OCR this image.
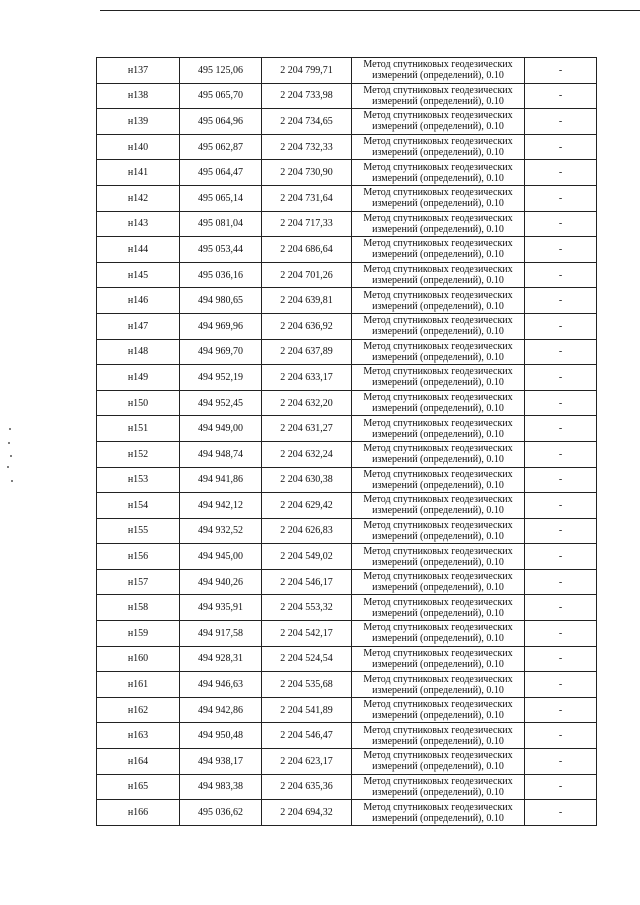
н137	495 125,06	2 204 799,71	Метод спутниковых геодезических
измерений (определений), 0.10	-
н138	495 065,70	2 204 733,98	Метод спутниковых геодезических
измерений (определений), 0.10	-
н139	495 064,96	2 204 734,65	Метод спутниковых геодезических
измерений (определений), 0.10	-
н140	495 062,87	2 204 732,33	Метод спутниковых геодезических
измерений (определений), 0.10	-
н141	495 064,47	2 204 730,90	Метод спутниковых геодезических
измерений (определений), 0.10	-
н142	495 065,14	2 204 731,64	Метод спутниковых геодезических
измерений (определений), 0.10	-
н143	495 081,04	2 204 717,33	Метод спутниковых геодезических
измерений (определений), 0.10	-
н144	495 053,44	2 204 686,64	Метод спутниковых геодезических
измерений (определений), 0.10	-
н145	495 036,16	2 204 701,26	Метод спутниковых геодезических
измерений (определений), 0.10	-
н146	494 980,65	2 204 639,81	Метод спутниковых геодезических
измерений (определений), 0.10	-
н147	494 969,96	2 204 636,92	Метод спутниковых геодезических
измерений (определений), 0.10	-
н148	494 969,70	2 204 637,89	Метод спутниковых геодезических
измерений (определений), 0.10	-
н149	494 952,19	2 204 633,17	Метод спутниковых геодезических
измерений (определений), 0.10	-
н150	494 952,45	2 204 632,20	Метод спутниковых геодезических
измерений (определений), 0.10	-
н151	494 949,00	2 204 631,27	Метод спутниковых геодезических
измерений (определений), 0.10	-
н152	494 948,74	2 204 632,24	Метод спутниковых геодезических
измерений (определений), 0.10	-
н153	494 941,86	2 204 630,38	Метод спутниковых геодезических
измерений (определений), 0.10	-
н154	494 942,12	2 204 629,42	Метод спутниковых геодезических
измерений (определений), 0.10	-
н155	494 932,52	2 204 626,83	Метод спутниковых геодезических
измерений (определений), 0.10	-
н156	494 945,00	2 204 549,02	Метод спутниковых геодезических
измерений (определений), 0.10	-
н157	494 940,26	2 204 546,17	Метод спутниковых геодезических
измерений (определений), 0.10	-
н158	494 935,91	2 204 553,32	Метод спутниковых геодезических
измерений (определений), 0.10	-
н159	494 917,58	2 204 542,17	Метод спутниковых геодезических
измерений (определений), 0.10	-
н160	494 928,31	2 204 524,54	Метод спутниковых геодезических
измерений (определений), 0.10	-
н161	494 946,63	2 204 535,68	Метод спутниковых геодезических
измерений (определений), 0.10	-
н162	494 942,86	2 204 541,89	Метод спутниковых геодезических
измерений (определений), 0.10	-
н163	494 950,48	2 204 546,47	Метод спутниковых геодезических
измерений (определений), 0.10	-
н164	494 938,17	2 204 623,17	Метод спутниковых геодезических
измерений (определений), 0.10	-
н165	494 983,38	2 204 635,36	Метод спутниковых геодезических
измерений (определений), 0.10	-
н166	495 036,62	2 204 694,32	Метод спутниковых геодезических
измерений (определений), 0.10	-
